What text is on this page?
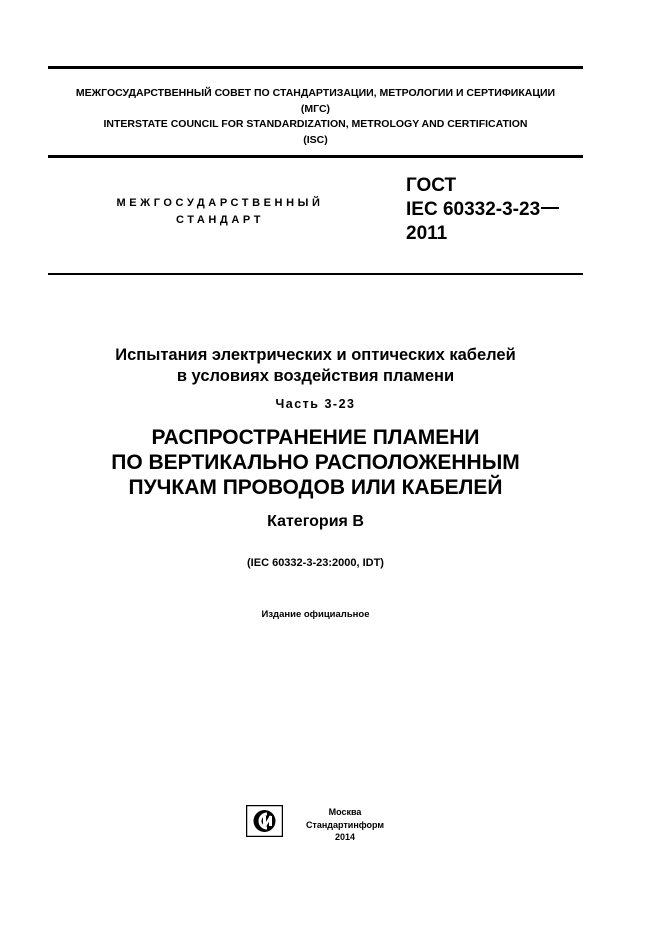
МЕЖГОСУДАРСТВЕННЫЙ СОВЕТ ПО СТАНДАРТИЗАЦИИ, МЕТРОЛОГИИ И СЕРТИФИКАЦИИ
(МГС)
INTERSTATE COUNCIL FOR STANDARDIZATION, METROLOGY AND CERTIFICATION
(ISC)
МЕЖГОСУДАРСТВЕННЫЙ
СТАНДАРТ
ГОСТ
IEC 60332-3-23
2011
Испытания электрических и оптических кабелей
в условиях воздействия пламени
Часть 3-23
РАСПРОСТРАНЕНИЕ ПЛАМЕНИ
ПО ВЕРТИКАЛЬНО РАСПОЛОЖЕННЫМ
ПУЧКАМ ПРОВОДОВ ИЛИ КАБЕЛЕЙ
Категория В
(IEC 60332-3-23:2000, IDT)
Издание официальное
Москва
Стандартинформ
2014
